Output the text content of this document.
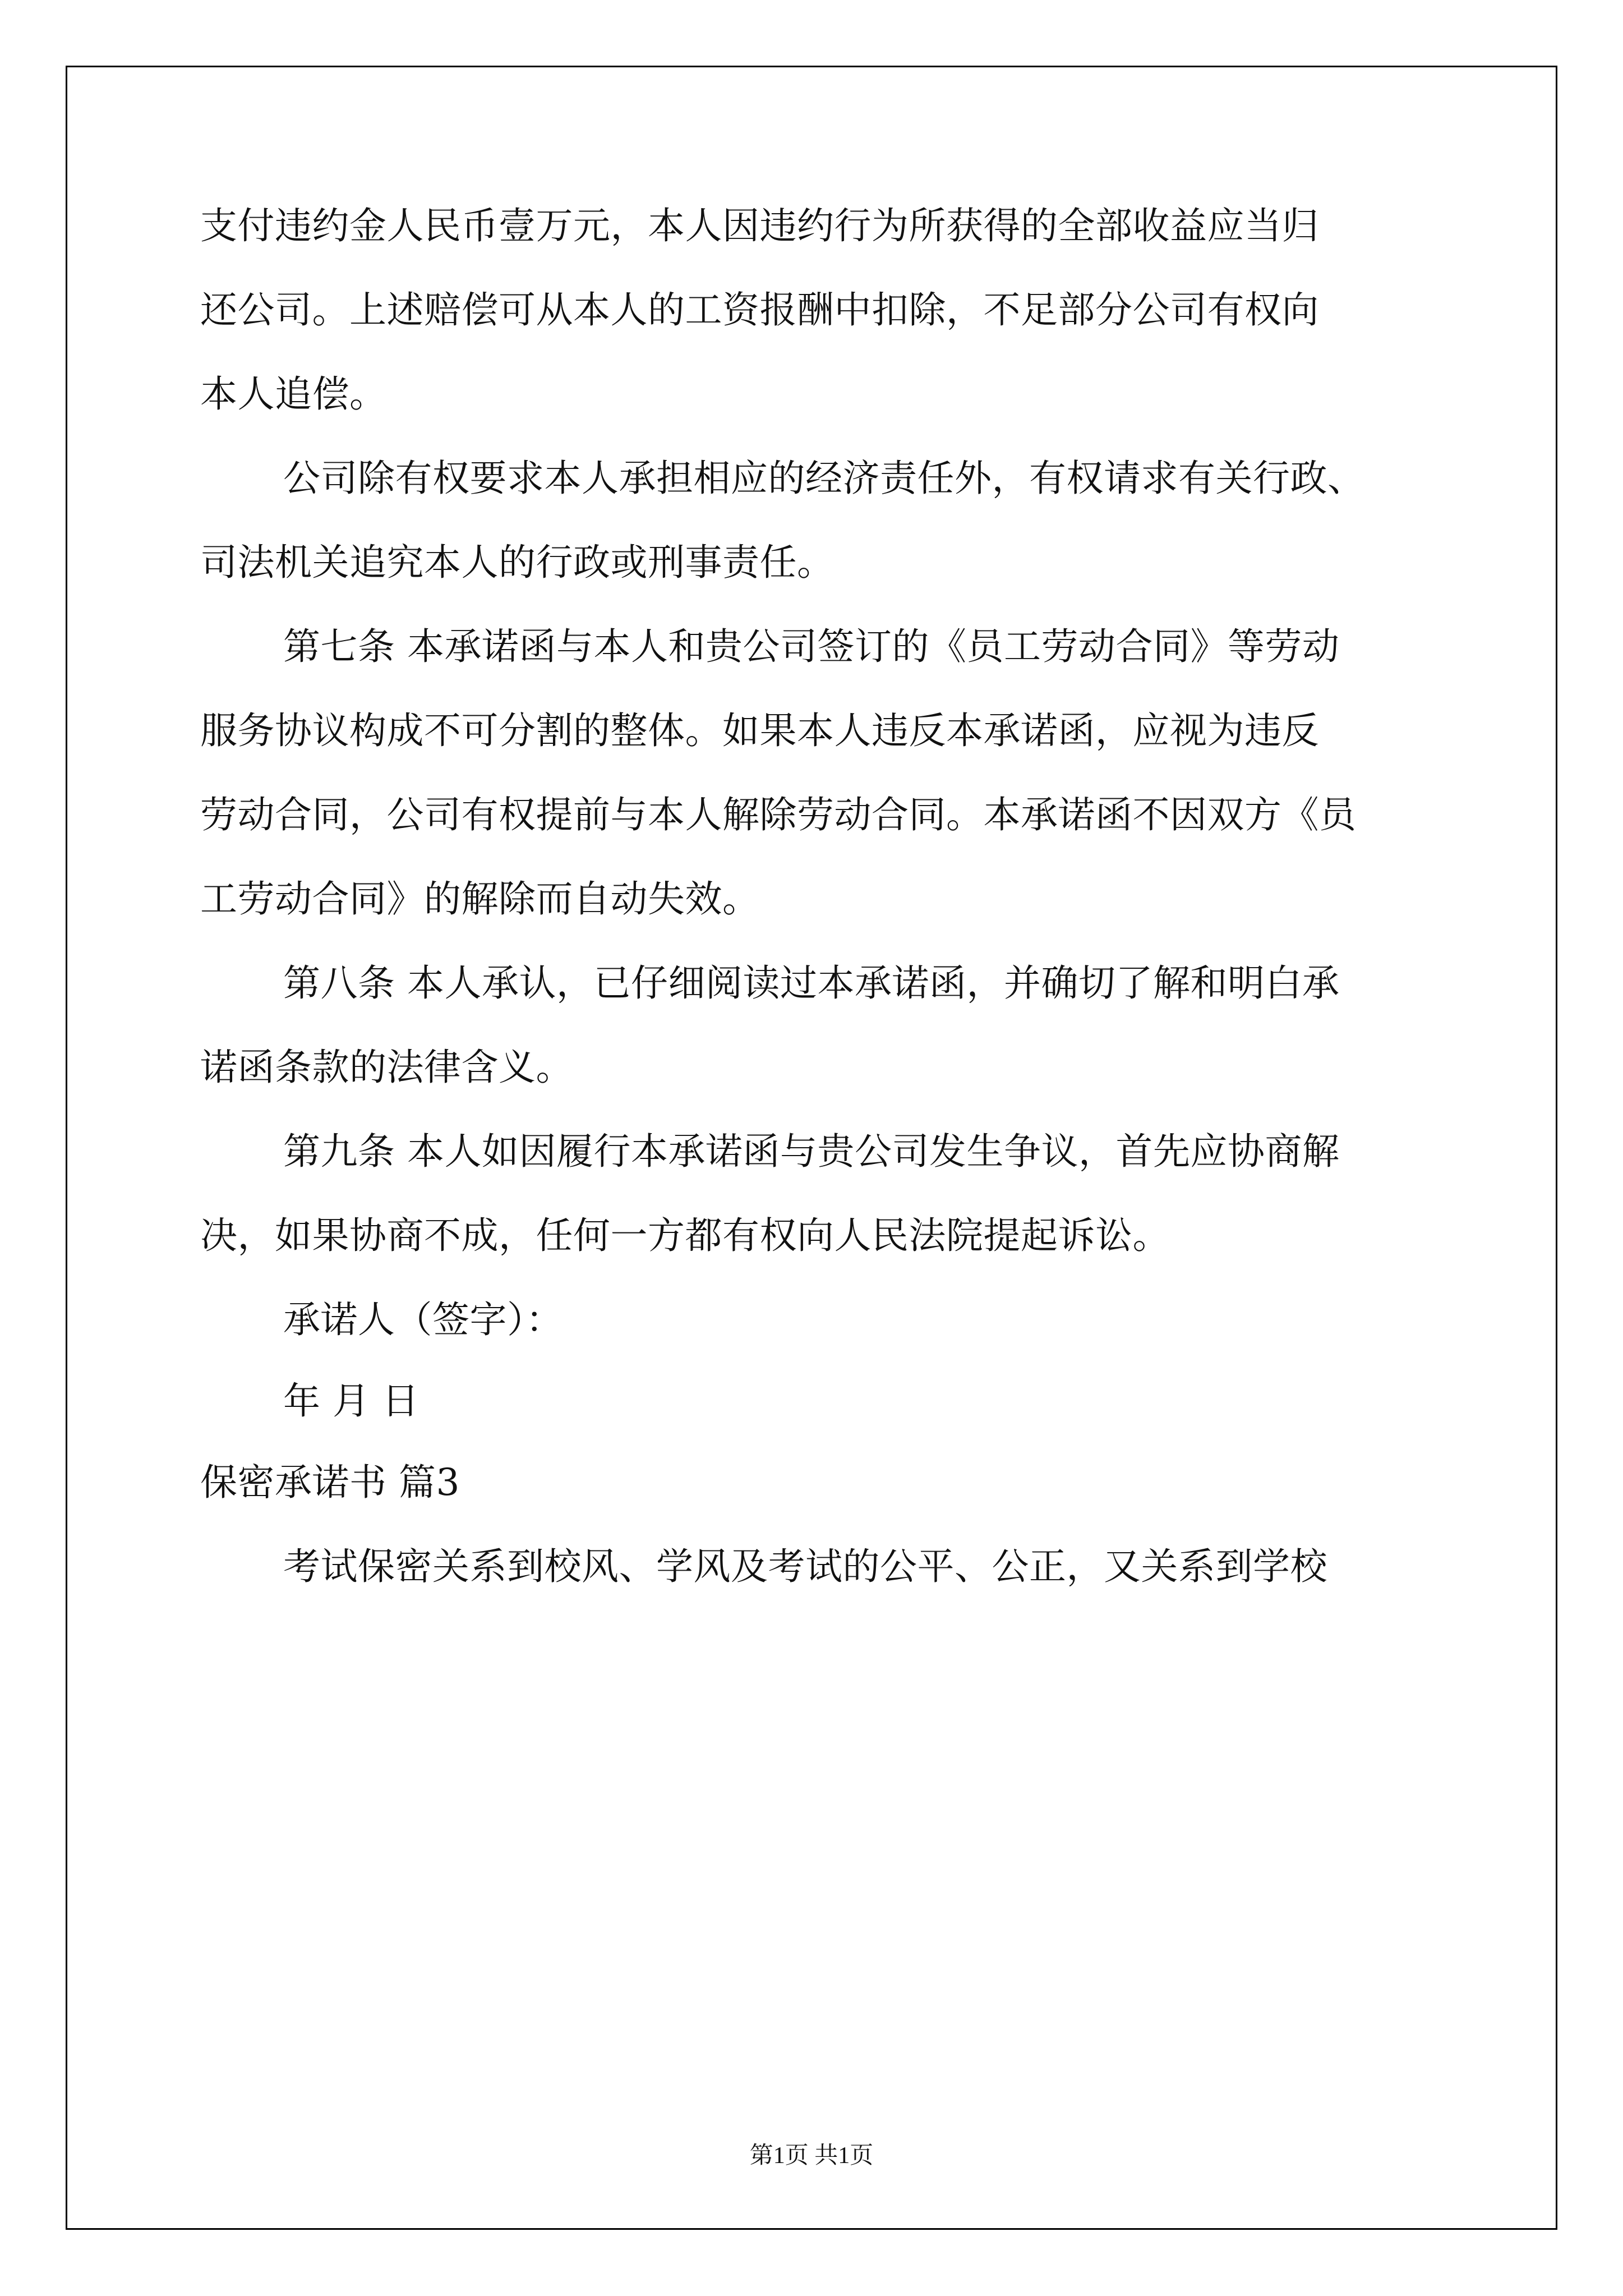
支付违约金人民币壹万元，本人因违约行为所获得的全部收益应当归

还公司。上述赔偿可从本人的工资报酬中扣除，不足部分公司有权向

本人追偿。

公司除有权要求本人承担相应的经济责任外，有权请求有关行政、

司法机关追究本人的行政或刑事责任。

第七条 本承诺函与本人和贵公司签订的《员工劳动合同》等劳动

服务协议构成不可分割的整体。如果本人违反本承诺函，应视为违反

劳动合同，公司有权提前与本人解除劳动合同。本承诺函不因双方《员

工劳动合同》的解除而自动失效。

第八条 本人承认，已仔细阅读过本承诺函，并确切了解和明白承

诺函条款的法律含义。

第九条 本人如因履行本承诺函与贵公司发生争议，首先应协商解

决，如果协商不成，任何一方都有权向人民法院提起诉讼。

承诺人（签字）：

年 月 日

保密承诺书 篇3

考试保密关系到校风、学风及考试的公平、公正，又关系到学校

第1页 共1页
